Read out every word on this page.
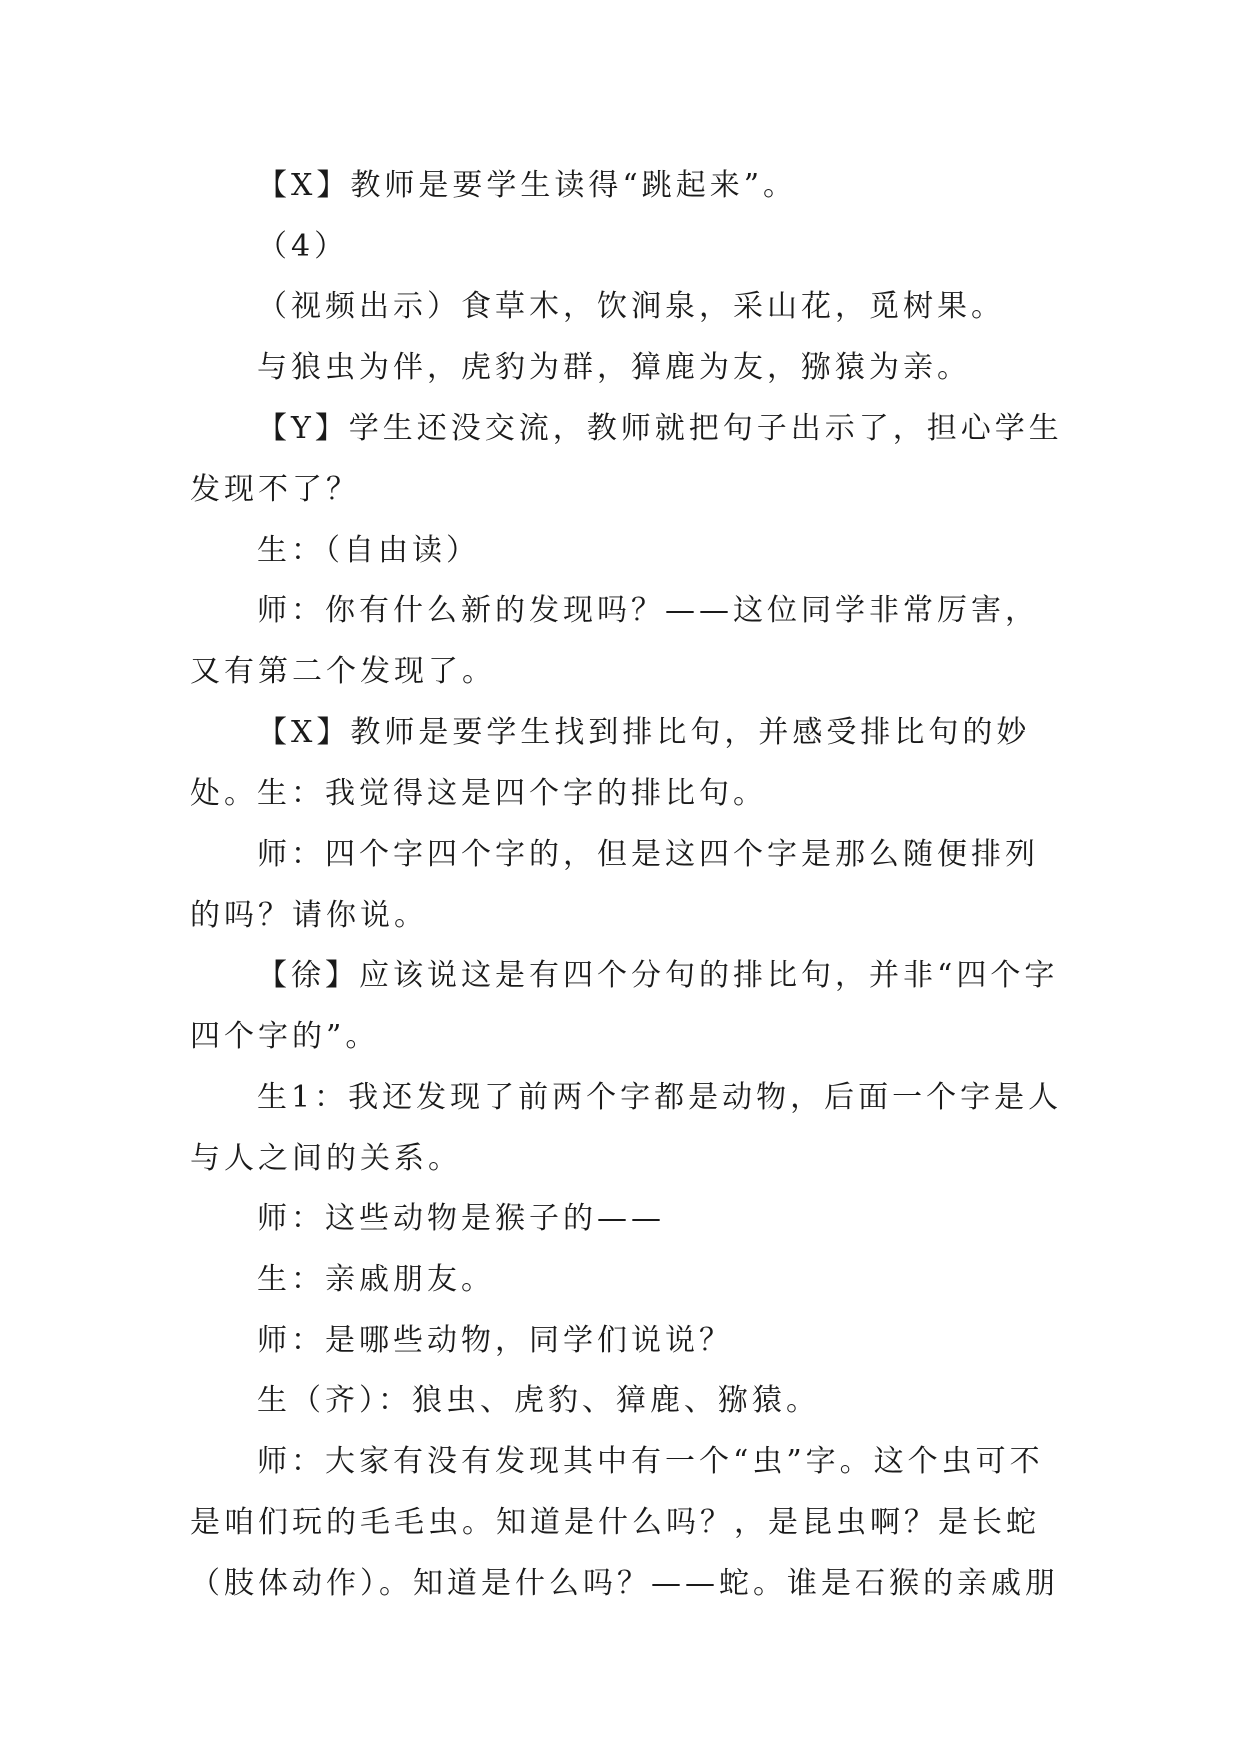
【X】教师是要学生读得“跳起来”。

（4）

（视频出示）食草木，饮涧泉，采山花，觅树果。

与狼虫为伴，虎豹为群，獐鹿为友，猕猿为亲。

【Y】学生还没交流，教师就把句子出示了，担心学生发现不了？

生：（自由读）

师：你有什么新的发现吗？——这位同学非常厉害，又有第二个发现了。

【X】教师是要学生找到排比句，并感受排比句的妙处。 生：我觉得这是四个字的排比句。

师：四个字四个字的，但是这四个字是那么随便排列的吗？请你说。

【徐】应该说这是有四个分句的排比句，并非“四个字四个字的”。

生1：我还发现了前两个字都是动物，后面一个字是人与人之间的关系。

师：这些动物是猴子的——

生：亲戚朋友。

师：是哪些动物，同学们说说？

生（齐）：狼虫、虎豹、獐鹿、猕猿。

师：大家有没有发现其中有一个“虫”字。这个虫可不是咱们玩的毛毛虫。知道是什么吗？，是昆虫啊？是长蛇（肢体动作）。知道是什么吗？——蛇。谁是石猴的亲戚朋
